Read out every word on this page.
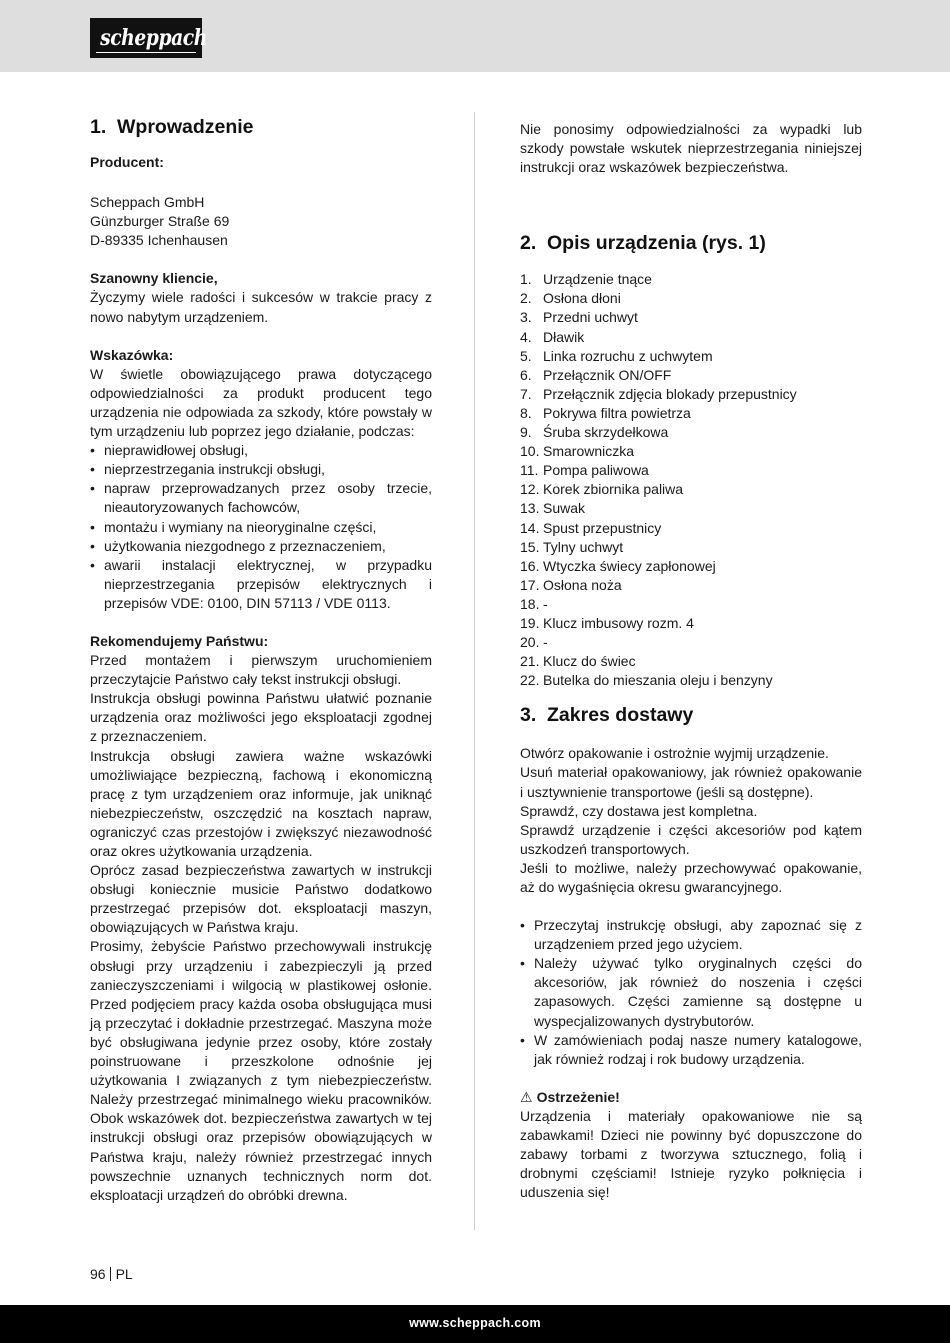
scheppach
1. Wprowadzenie
Producent:
Scheppach GmbH
Günzburger Straße 69
D-89335 Ichenhausen
Szanowny kliencie,

Życzymy wiele radości i sukcesów w trakcie pracy z nowo nabytym urządzeniem.

Wskazówka:

W świetle obowiązującego prawa dotyczącego odpowiedzialności za produkt producent tego urządzenia nie odpowiada za szkody, które powstały w tym urządzeniu lub poprzez jego działanie, podczas:

• nieprawidłowej obsługi,
• nieprzestrzegania instrukcji obsługi,
• napraw przeprowadzanych przez osoby trzecie, nieautoryzowanych fachowców,
• montażu i wymiany na nieoryginalne części,
• użytkowania niezgodnego z przeznaczeniem,
• awarii instalacji elektrycznej, w przypadku nieprzestrzegania przepisów elektrycznych i przepisów VDE: 0100, DIN 57113 / VDE 0113.
Rekomendujemy Państwu:

Przed montażem i pierwszym uruchomieniem przeczytajcie Państwo cały tekst instrukcji obsługi.

Instrukcja obsługi powinna Państwu ułatwić poznanie urządzenia oraz możliwości jego eksploatacji zgodnej z przeznaczeniem.

Instrukcja obsługi zawiera ważne wskazówki umożliwiające bezpieczną, fachową i ekonomiczną pracę z tym urządzeniem oraz informuje, jak uniknąć niebezpieczeństw, oszczędzić na kosztach napraw, ograniczyć czas przestojów i zwiększyć niezawodność oraz okres użytkowania urządzenia.

Oprócz zasad bezpieczeństwa zawartych w instrukcji obsługi koniecznie musicie Państwo dodatkowo przestrzegać przepisów dot. eksploatacji maszyn, obowiązujących w Państwa kraju.

Prosimy, żebyście Państwo przechowywali instrukcję obsługi przy urządzeniu i zabezpieczyli ją przed zanieczyszczeniami i wilgocią w plastikowej osłonie. Przed podjęciem pracy każda osoba obsługująca musi ją przeczytać i dokładnie przestrzegać. Maszyna może być obsługiwana jedynie przez osoby, które zostały poinstruowane i przeszkolone odnośnie jej użytkowania I związanych z tym niebezpieczeństw. Należy przestrzegać minimalnego wieku pracowników. Obok wskazówek dot. bezpieczeństwa zawartych w tej instrukcji obsługi oraz przepisów obowiązujących w Państwa kraju, należy również przestrzegać innych powszechnie uznanych technicznych norm dot. eksploatacji urządzeń do obróbki drewna.

Nie ponosimy odpowiedzialności za wypadki lub szkody powstałe wskutek nieprzestrzegania niniejszej instrukcji oraz wskazówek bezpieczeństwa.

2. Opis urządzenia (rys. 1)
1. Urządzenie tnące
2. Osłona dłoni
3. Przedni uchwyt
4. Dławik
5. Linka rozruchu z uchwytem
6. Przełącznik ON/OFF
7. Przełącznik zdjęcia blokady przepustnicy
8. Pokrywa filtra powietrza
9. Śruba skrzydełkowa
10. Smarowniczka
11. Pompa paliwowa
12. Korek zbiornika paliwa
13. Suwak
14. Spust przepustnicy
15. Tylny uchwyt
16. Wtyczka świecy zapłonowej
17. Osłona noża
18. -
19. Klucz imbusowy rozm. 4
20. -
21. Klucz do świec
22. Butelka do mieszania oleju i benzyny
3. Zakres dostawy

Otwórz opakowanie i ostrożnie wyjmij urządzenie.

Usuń materiał opakowaniowy, jak również opakowanie i usztywnienie transportowe (jeśli są dostępne).

Sprawdź, czy dostawa jest kompletna.

Sprawdź urządzenie i części akcesoriów pod kątem uszkodzeń transportowych.

Jeśli to możliwe, należy przechowywać opakowanie, aż do wygaśnięcia okresu gwarancyjnego.

• Przeczytaj instrukcję obsługi, aby zapoznać się z urządzeniem przed jego użyciem.
• Należy używać tylko oryginalnych części do akcesoriów, jak również do noszenia i części zapasowych. Części zamienne są dostępne u wyspecjalizowanych dystrybutorów.
• W zamówieniach podaj nasze numery katalogowe, jak również rodzaj i rok budowy urządzenia.
⚠ Ostrzeżenie!

Urządzenia i materiały opakowaniowe nie są zabawkami! Dzieci nie powinny być dopuszczone do zabawy torbami z tworzywa sztucznego, folią i drobnymi częściami! Istnieje ryzyko połknięcia i uduszenia się!

96 PL
www.scheppach.com
